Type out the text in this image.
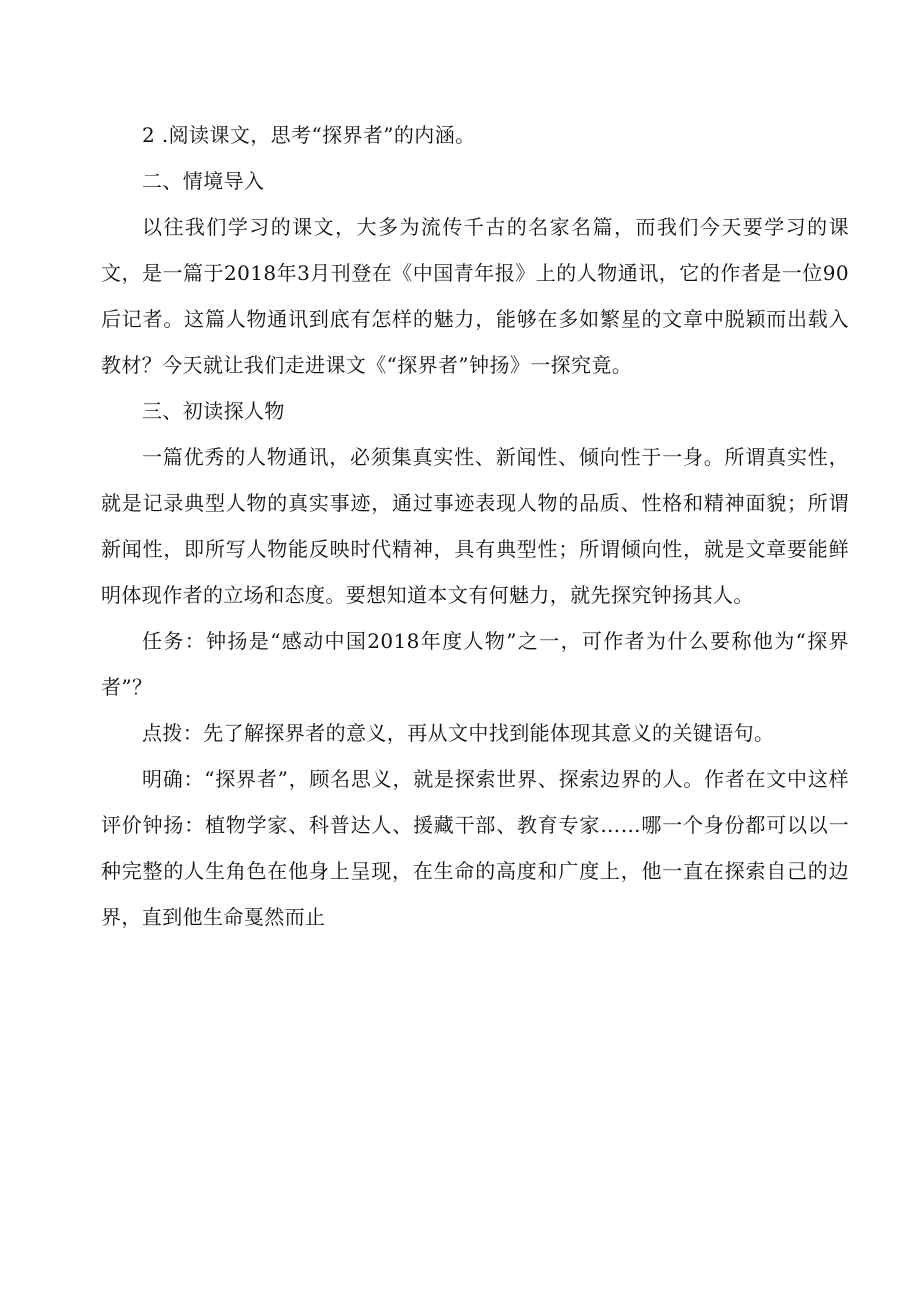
2 .阅读课文，思考“探界者”的内涵。
二、情境导入

以往我们学习的课文，大多为流传千古的名家名篇，而我们今天要学习的课文，是一篇于2018年3月刊登在《中国青年报》上的人物通讯，它的作者是一位90后记者。这篇人物通讯到底有怎样的魅力，能够在多如繁星的文章中脱颖而出载入教材？今天就让我们走进课文《“探界者”钟扬》一探究竟。

三、初读探人物

一篇优秀的人物通讯，必须集真实性、新闻性、倾向性于一身。所谓真实性，就是记录典型人物的真实事迹，通过事迹表现人物的品质、性格和精神面貌；所谓新闻性，即所写人物能反映时代精神，具有典型性；所谓倾向性，就是文章要能鲜明体现作者的立场和态度。要想知道本文有何魅力，就先探究钟扬其人。

任务：钟扬是“感动中国2018年度人物”之一，可作者为什么要称他为“探界者”？

点拨：先了解探界者的意义，再从文中找到能体现其意义的关键语句。

明确：“探界者”，顾名思义，就是探索世界、探索边界的人。作者在文中这样评价钟扬：植物学家、科普达人、援藏干部、教育专家……哪一个身份都可以以一种完整的人生角色在他身上呈现，在生命的高度和广度上，他一直在探索自己的边界，直到他生命戛然而止
